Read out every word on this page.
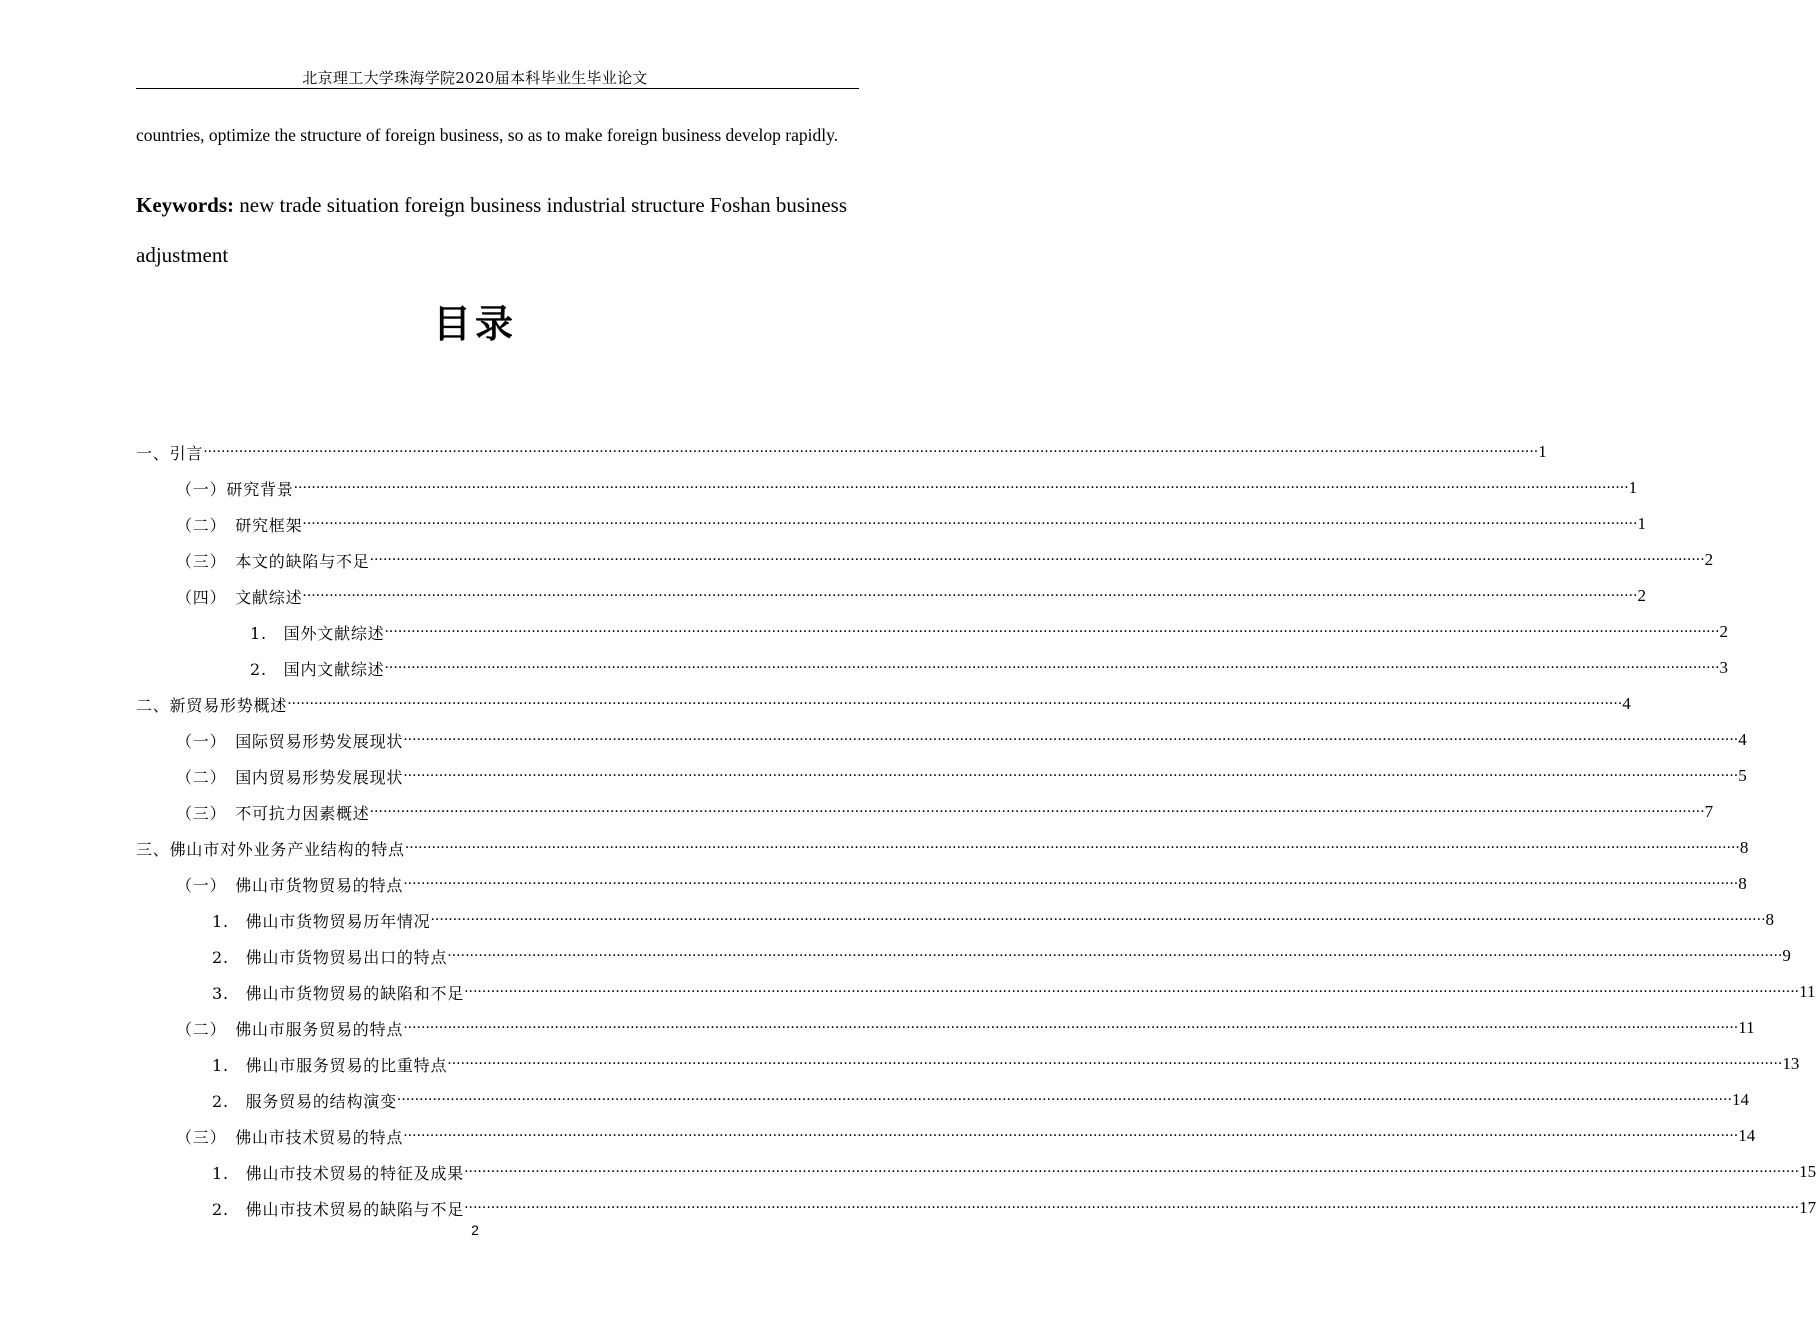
北京理工大学珠海学院2020届本科毕业生毕业论文
countries, optimize the structure of foreign business, so as to make foreign business develop rapidly.
Keywords: new trade situation foreign business industrial structure Foshan business adjustment
目录
一、引言 ············································································································································································································································································································ 1
（一）研究背景 ············································································································································································································································································································ 1
（二）　研究框架 ············································································································································································································································································································ 1
（三）　本文的缺陷与不足 ············································································································································································································································································································ 2
（四）　文献综述 ············································································································································································································································································································ 2
1.　国外文献综述 ············································································································································································································································································································ 2
2.　国内文献综述 ············································································································································································································································································································ 3
二、新贸易形势概述 ············································································································································································································································································································ 4
（一）　国际贸易形势发展现状 ············································································································································································································································································································ 4
（二）　国内贸易形势发展现状 ············································································································································································································································································································ 5
（三）　不可抗力因素概述 ············································································································································································································································································································ 7
三、佛山市对外业务产业结构的特点 ············································································································································································································································································································ 8
（一）　佛山市货物贸易的特点 ············································································································································································································································································································ 8
1.　佛山市货物贸易历年情况 ············································································································································································································································································································ 8
2.　佛山市货物贸易出口的特点 ············································································································································································································································································································ 9
3.　佛山市货物贸易的缺陷和不足 ············································································································································································································································································································ 11
（二）　佛山市服务贸易的特点 ············································································································································································································································································································ 11
1.　佛山市服务贸易的比重特点 ············································································································································································································································································································ 13
2.　服务贸易的结构演变 ············································································································································································································································································································ 14
（三）　佛山市技术贸易的特点 ············································································································································································································································································································ 14
1.　佛山市技术贸易的特征及成果 ············································································································································································································································································································ 15
2.　佛山市技术贸易的缺陷与不足 ············································································································································································································································································································ 17
2
